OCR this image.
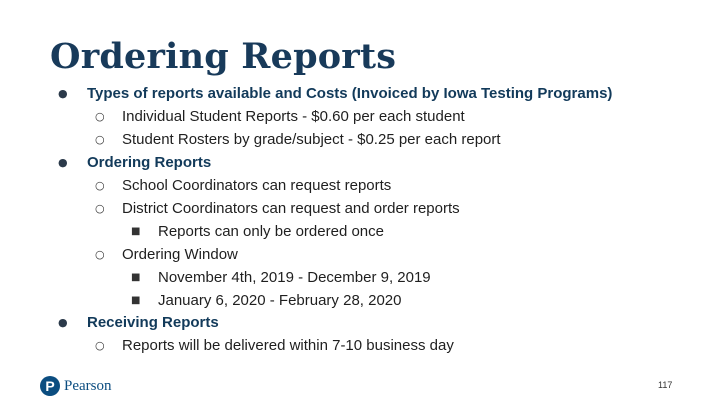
Ordering Reports
● Types of reports available and Costs (Invoiced by Iowa Testing Programs)
○ Individual Student Reports - $0.60 per each student
○ Student Rosters by grade/subject - $0.25 per each report
● Ordering Reports
○ School Coordinators can request reports
○ District Coordinators can request and order reports
■ Reports can only be ordered once
○ Ordering Window
■ November 4th, 2019 - December 9, 2019
■ January 6, 2020 - February 28, 2020
● Receiving Reports
○ Reports will be delivered within 7-10 business day
P Pearson	117
